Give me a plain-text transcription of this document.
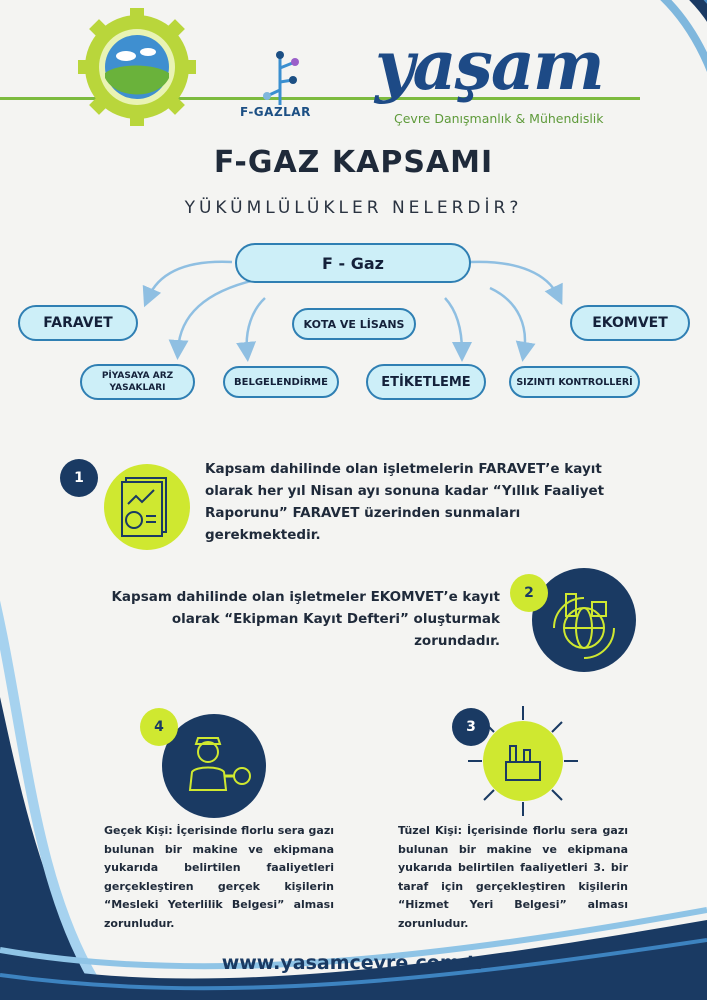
F-GAZLAR
yaşam
Çevre Danışmanlık & Mühendislik
F-GAZ KAPSAMI
YÜKÜMLÜLÜKLER NELERDİR?
F - Gaz
FARAVET	KOTA VE LİSANS	EKOMVET
PİYASAYA ARZ YASAKLARI
BELGELENDİRME	ETİKETLEME	SIZINTI KONTROLLERİ
1
Kapsam dahilinde olan işletmelerin FARAVET’e kayıt olarak her yıl Nisan ayı sonuna kadar “Yıllık Faaliyet Raporunu” FARAVET üzerinden sunmaları gerekmektedir.
2
Kapsam dahilinde olan işletmeler EKOMVET’e kayıt olarak “Ekipman Kayıt Defteri” oluşturmak zorundadır.
4
Geçek Kişi: İçerisinde florlu sera gazı bulunan bir makine ve ekipmana yukarıda belirtilen faaliyetleri gerçekleştiren gerçek kişilerin “Mesleki Yeterlilik Belgesi” alması zorunludur.
3
Tüzel Kişi: İçerisinde florlu sera gazı bulunan bir makine ve ekipmana yukarıda belirtilen faaliyetleri 3. bir taraf için gerçekleştiren kişilerin “Hizmet Yeri Belgesi” alması zorunludur.
www.yasamcevre.com.tr
